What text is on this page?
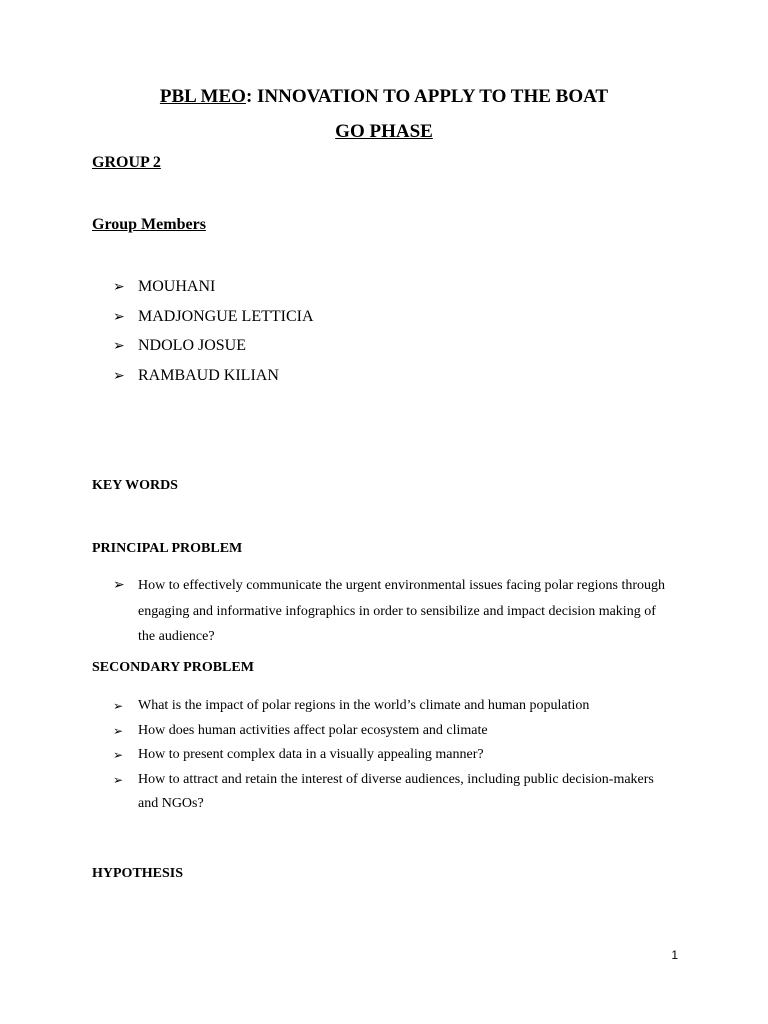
PBL MEO: INNOVATION TO APPLY TO THE BOAT
GO PHASE
GROUP 2
Group Members
➢ MOUHANI
➢ MADJONGUE LETTICIA
➢ NDOLO JOSUE
➢ RAMBAUD KILIAN
KEY WORDS
PRINCIPAL PROBLEM
➢ How to effectively communicate the urgent environmental issues facing polar regions through engaging and informative infographics in order to sensibilize and impact decision making of the audience?
SECONDARY PROBLEM
➢ What is the impact of polar regions in the world’s climate and human population
➢ How does human activities affect polar ecosystem and climate
➢ How to present complex data in a visually appealing manner?
➢ How to attract and retain the interest of diverse audiences, including public decision-makers and NGOs?
HYPOTHESIS
1
